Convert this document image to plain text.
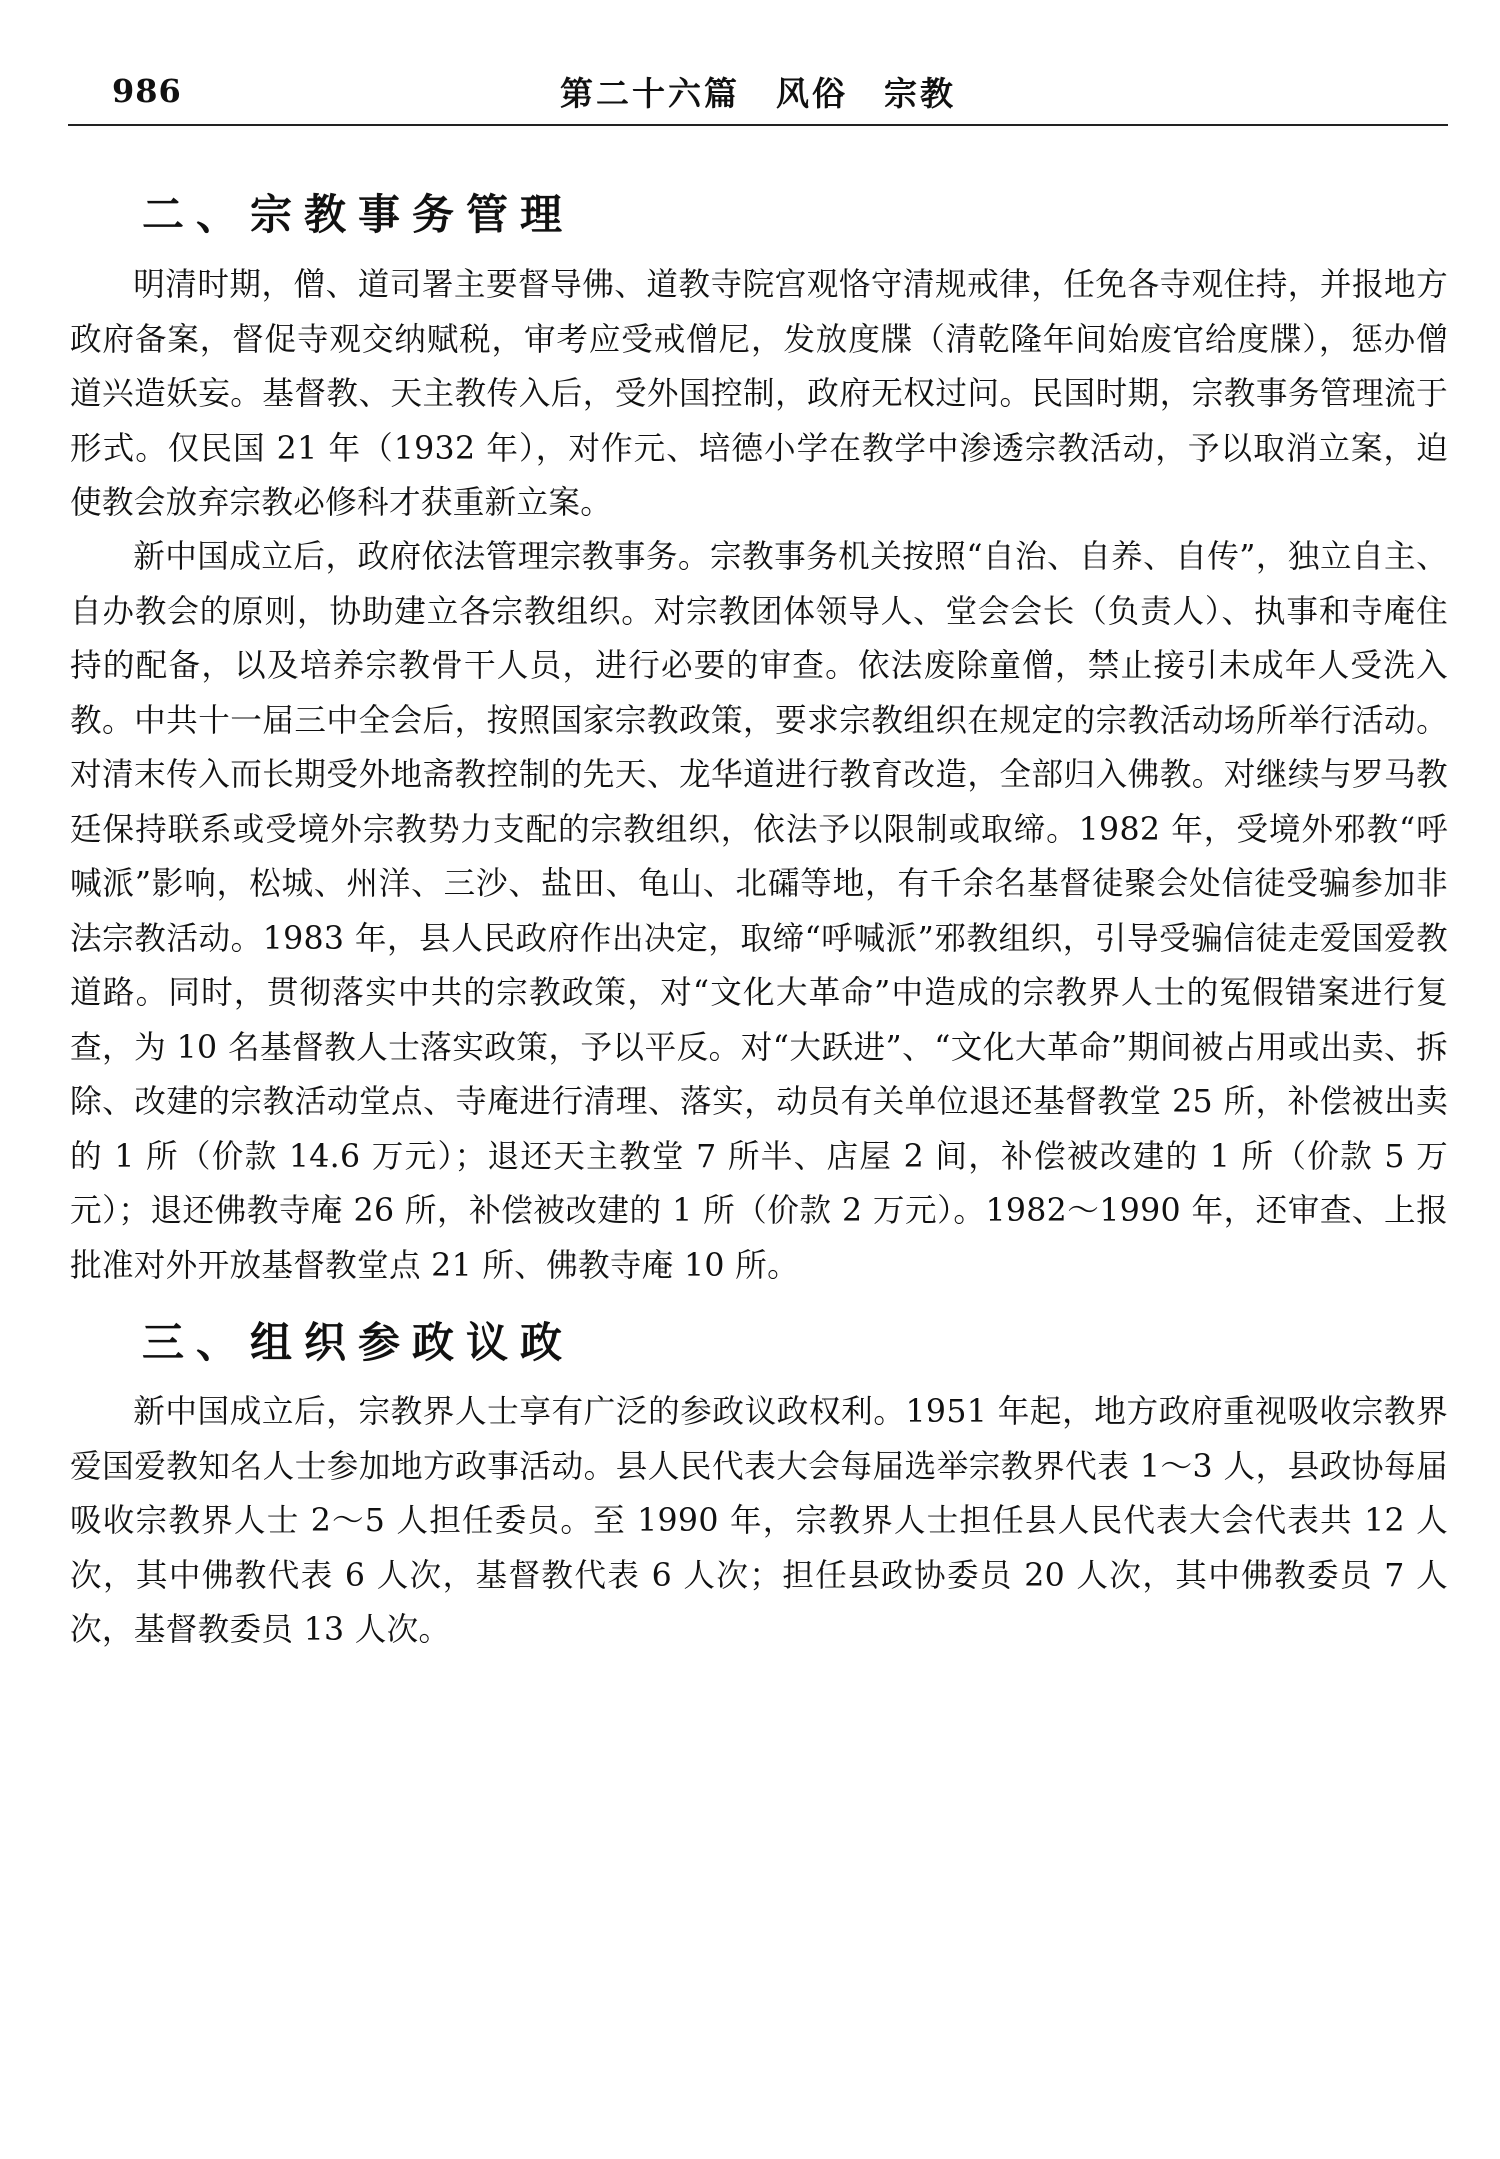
986	第二十六篇　风俗　宗教
二、宗教事务管理
明清时期，僧、道司署主要督导佛、道教寺院宫观恪守清规戒律，任免各寺观住持，并报地方政府备案，督促寺观交纳赋税，审考应受戒僧尼，发放度牒（清乾隆年间始废官给度牒），惩办僧道兴造妖妄。基督教、天主教传入后，受外国控制，政府无权过问。民国时期，宗教事务管理流于形式。仅民国 21 年（1932 年），对作元、培德小学在教学中渗透宗教活动，予以取消立案，迫使教会放弃宗教必修科才获重新立案。
新中国成立后，政府依法管理宗教事务。宗教事务机关按照“自治、自养、自传”，独立自主、自办教会的原则，协助建立各宗教组织。对宗教团体领导人、堂会会长（负责人）、执事和寺庵住持的配备，以及培养宗教骨干人员，进行必要的审查。依法废除童僧，禁止接引未成年人受洗入教。中共十一届三中全会后，按照国家宗教政策，要求宗教组织在规定的宗教活动场所举行活动。对清末传入而长期受外地斋教控制的先天、龙华道进行教育改造，全部归入佛教。对继续与罗马教廷保持联系或受境外宗教势力支配的宗教组织，依法予以限制或取缔。1982 年，受境外邪教“呼喊派”影响，松城、州洋、三沙、盐田、龟山、北礵等地，有千余名基督徒聚会处信徒受骗参加非法宗教活动。1983 年，县人民政府作出决定，取缔“呼喊派”邪教组织，引导受骗信徒走爱国爱教道路。同时，贯彻落实中共的宗教政策，对“文化大革命”中造成的宗教界人士的冤假错案进行复查，为 10 名基督教人士落实政策，予以平反。对“大跃进”、“文化大革命”期间被占用或出卖、拆除、改建的宗教活动堂点、寺庵进行清理、落实，动员有关单位退还基督教堂 25 所，补偿被出卖的 1 所（价款 14.6 万元）；退还天主教堂 7 所半、店屋 2 间，补偿被改建的 1 所（价款 5 万元）；退还佛教寺庵 26 所，补偿被改建的 1 所（价款 2 万元）。1982～1990 年，还审查、上报批准对外开放基督教堂点 21 所、佛教寺庵 10 所。
三、组织参政议政
新中国成立后，宗教界人士享有广泛的参政议政权利。1951 年起，地方政府重视吸收宗教界爱国爱教知名人士参加地方政事活动。县人民代表大会每届选举宗教界代表 1～3 人，县政协每届吸收宗教界人士 2～5 人担任委员。至 1990 年，宗教界人士担任县人民代表大会代表共 12 人次，其中佛教代表 6 人次，基督教代表 6 人次；担任县政协委员 20 人次，其中佛教委员 7 人次，基督教委员 13 人次。
